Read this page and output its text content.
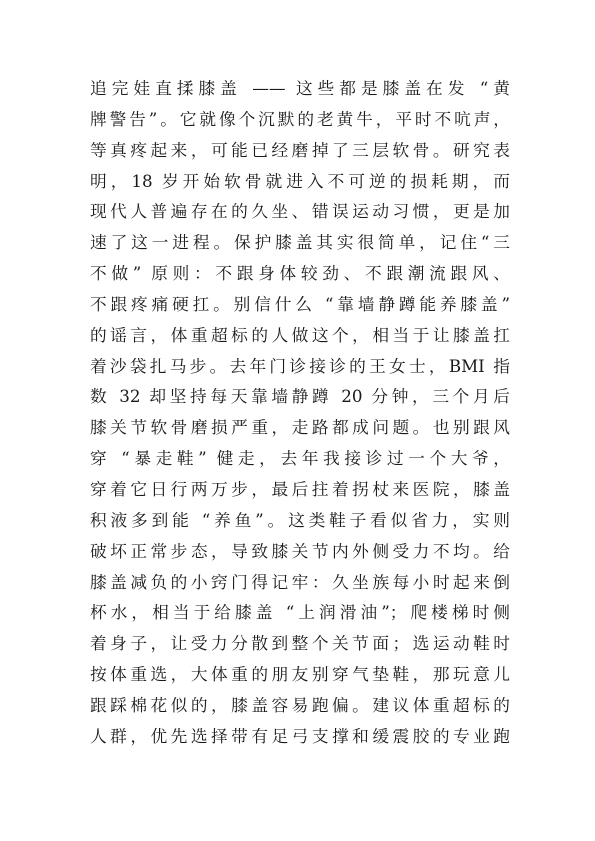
追完娃直揉膝盖 —— 这些都是膝盖在发 “黄
牌警告”。它就像个沉默的老黄牛，平时不吭声，
等真疼起来，可能已经磨掉了三层软骨。研究表
明，18 岁开始软骨就进入不可逆的损耗期，而
现代人普遍存在的久坐、错误运动习惯，更是加
速了这一进程。保护膝盖其实很简单，记住“三
不做” 原则：不跟身体较劲、不跟潮流跟风、
不跟疼痛硬扛。别信什么 “靠墙静蹲能养膝盖”
的谣言，体重超标的人做这个，相当于让膝盖扛
着沙袋扎马步。去年门诊接诊的王女士，BMI 指
数 32 却坚持每天靠墙静蹲 20 分钟，三个月后
膝关节软骨磨损严重，走路都成问题。也别跟风
穿 “暴走鞋” 健走，去年我接诊过一个大爷，
穿着它日行两万步，最后拄着拐杖来医院，膝盖
积液多到能 “养鱼”。这类鞋子看似省力，实则
破坏正常步态，导致膝关节内外侧受力不均。给
膝盖减负的小窍门得记牢：久坐族每小时起来倒
杯水，相当于给膝盖 “上润滑油”；爬楼梯时侧
着身子，让受力分散到整个关节面；选运动鞋时
按体重选，大体重的朋友别穿气垫鞋，那玩意儿
跟踩棉花似的，膝盖容易跑偏。建议体重超标的
人群，优先选择带有足弓支撑和缓震胶的专业跑
